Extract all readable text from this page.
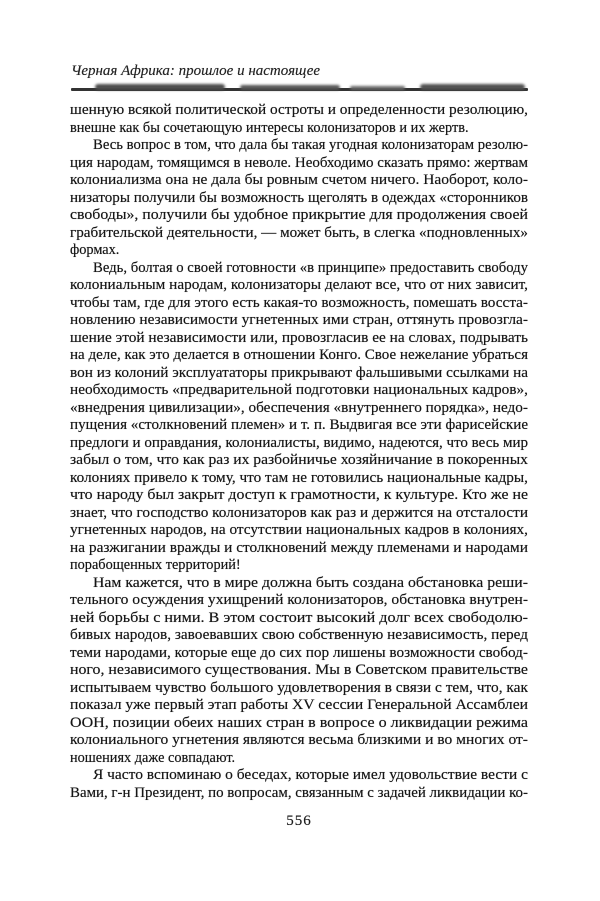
Черная Африка: прошлое и настоящее
шенную всякой политической остроты и определенности резолюцию,
внешне как бы сочетающую интересы колонизаторов и их жертв.
Весь вопрос в том, что дала бы такая угодная колонизаторам резолю-
ция народам, томящимся в неволе. Необходимо сказать прямо: жертвам
колониализма она не дала бы ровным счетом ничего. Наоборот, коло-
низаторы получили бы возможность щеголять в одеждах «сторонников
свободы», получили бы удобное прикрытие для продолжения своей
грабительской деятельности, — может быть, в слегка «подновленных»
формах.
Ведь, болтая о своей готовности «в принципе» предоставить свободу
колониальным народам, колонизаторы делают все, что от них зависит,
чтобы там, где для этого есть какая-то возможность, помешать восста-
новлению независимости угнетенных ими стран, оттянуть провозгла-
шение этой независимости или, провозгласив ее на словах, подрывать
на деле, как это делается в отношении Конго. Свое нежелание убраться
вон из колоний эксплуататоры прикрывают фальшивыми ссылками на
необходимость «предварительной подготовки национальных кадров»,
«внедрения цивилизации», обеспечения «внутреннего порядка», недо-
пущения «столкновений племен» и т. п. Выдвигая все эти фарисейские
предлоги и оправдания, колониалисты, видимо, надеются, что весь мир
забыл о том, что как раз их разбойничье хозяйничание в покоренных
колониях привело к тому, что там не готовились национальные кадры,
что народу был закрыт доступ к грамотности, к культуре. Кто же не
знает, что господство колонизаторов как раз и держится на отсталости
угнетенных народов, на отсутствии национальных кадров в колониях,
на разжигании вражды и столкновений между племенами и народами
порабощенных территорий!
Нам кажется, что в мире должна быть создана обстановка реши-
тельного осуждения ухищрений колонизаторов, обстановка внутрен-
ней борьбы с ними. В этом состоит высокий долг всех свободолю-
бивых народов, завоевавших свою собственную независимость, перед
теми народами, которые еще до сих пор лишены возможности свобод-
ного, независимого существования. Мы в Советском правительстве
испытываем чувство большого удовлетворения в связи с тем, что, как
показал уже первый этап работы XV сессии Генеральной Ассамблеи
ООН, позиции обеих наших стран в вопросе о ликвидации режима
колониального угнетения являются весьма близкими и во многих от-
ношениях даже совпадают.
Я часто вспоминаю о беседах, которые имел удовольствие вести с
Вами, г-н Президент, по вопросам, связанным с задачей ликвидации ко-
556
